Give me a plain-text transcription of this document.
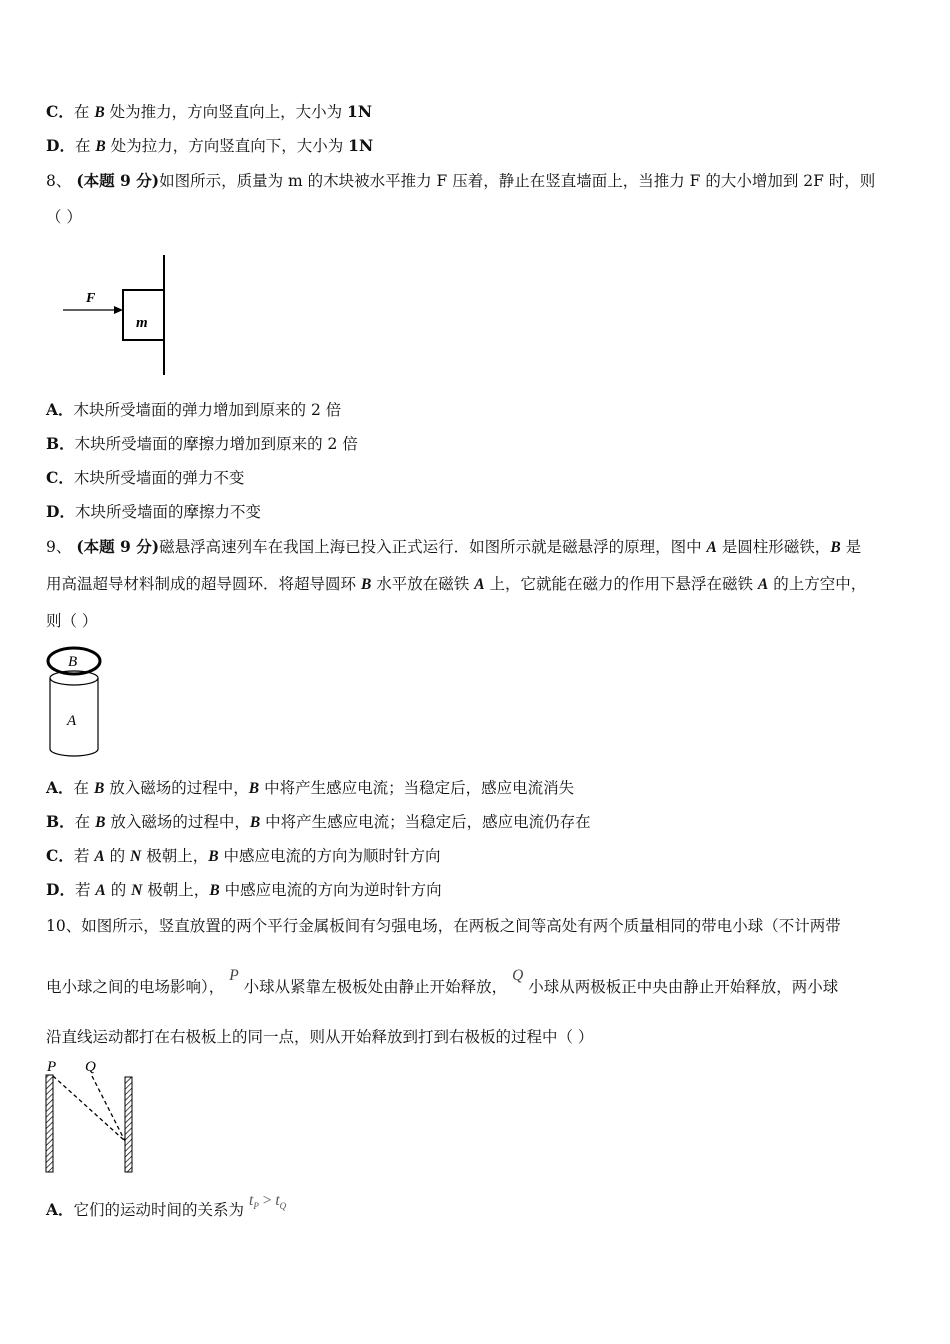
C．在 B 处为推力，方向竖直向上，大小为 1N
D．在 B 处为拉力，方向竖直向下，大小为 1N
8、 (本题 9 分)如图所示，质量为 m 的木块被水平推力 F 压着，静止在竖直墙面上，当推力 F 的大小增加到 2F 时，则
（ ）
F
m
A．木块所受墙面的弹力增加到原来的 2 倍
B．木块所受墙面的摩擦力增加到原来的 2 倍
C．木块所受墙面的弹力不变
D．木块所受墙面的摩擦力不变
9、 (本题 9 分)磁悬浮高速列车在我国上海已投入正式运行．如图所示就是磁悬浮的原理，图中 A 是圆柱形磁铁，B 是
用高温超导材料制成的超导圆环．将超导圆环 B 水平放在磁铁 A 上，它就能在磁力的作用下悬浮在磁铁 A 的上方空中，
则（ ）
B
A
A．在 B 放入磁场的过程中，B 中将产生感应电流；当稳定后，感应电流消失
B．在 B 放入磁场的过程中，B 中将产生感应电流；当稳定后，感应电流仍存在
C．若 A 的 N 极朝上，B 中感应电流的方向为顺时针方向
D．若 A 的 N 极朝上，B 中感应电流的方向为逆时针方向
10、如图所示，竖直放置的两个平行金属板间有匀强电场，在两板之间等高处有两个质量相同的带电小球（不计两带
电小球之间的电场影响）， P 小球从紧靠左极板处由静止开始释放， Q 小球从两极板正中央由静止开始释放，两小球
沿直线运动都打在右极板上的同一点，则从开始释放到打到右极板的过程中（ ）
P Q
A．它们的运动时间的关系为 $t_P > t_Q$
